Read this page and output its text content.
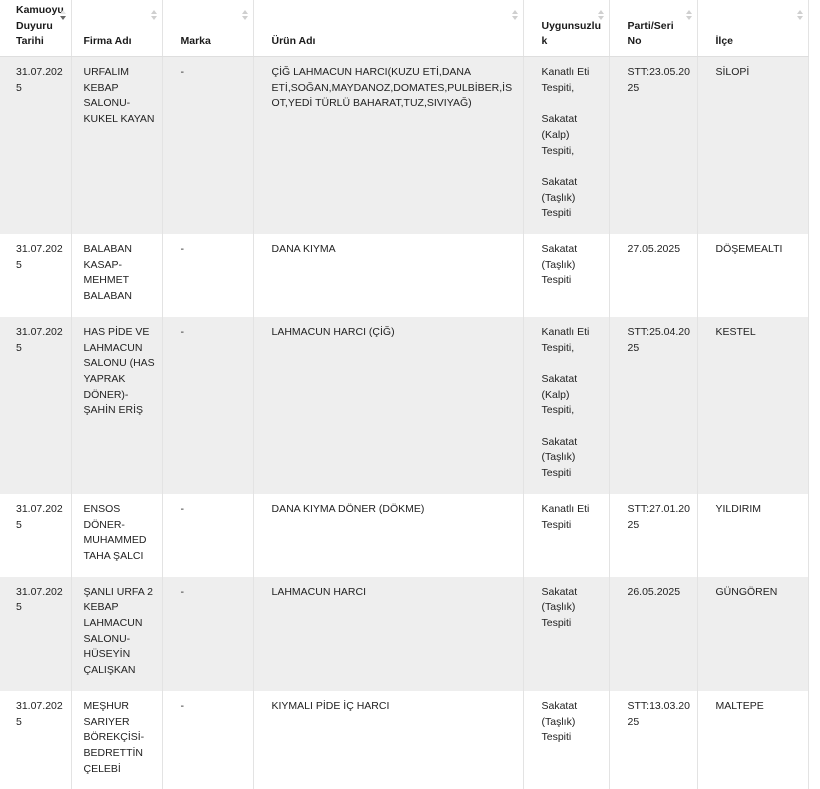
Kamuoyu
Duyuru
Tarihi	Firma Adı	Marka	Ürün Adı	Uygunsuzluk	Parti/Seri
No	İlçe

31.07.2025	URFALIM KEBAP SALONU-KUKEL KAYAN	-	ÇİĞ LAHMACUN HARCI(KUZU ETİ,DANA ETİ,SOĞAN,MAYDANOZ,DOMATES,PULBİBER,İSOT,YEDİ TÜRLÜ BAHARAT,TUZ,SIVIYAĞ)	Kanatlı Eti Tespiti,
Sakatat (Kalp) Tespiti,
Sakatat (Taşlık) Tespiti	STT:23.05.2025	SİLOPİ
31.07.2025	BALABAN KASAP-MEHMET BALABAN	-	DANA KIYMA	Sakatat (Taşlık) Tespiti	27.05.2025	DÖŞEMEALTI
31.07.2025	HAS PİDE VE LAHMACUN SALONU (HAS YAPRAK DÖNER)-ŞAHİN ERİŞ	-	LAHMACUN HARCI (ÇİĞ)	Kanatlı Eti Tespiti,
Sakatat (Kalp) Tespiti,
Sakatat (Taşlık) Tespiti	STT:25.04.2025	KESTEL
31.07.2025	ENSOS DÖNER-MUHAMMED TAHA ŞALCI	-	DANA KIYMA DÖNER (DÖKME)	Kanatlı Eti Tespiti	STT:27.01.2025	YILDIRIM
31.07.2025	ŞANLI URFA 2 KEBAP LAHMACUN SALONU-HÜSEYİN ÇALIŞKAN	-	LAHMACUN HARCI	Sakatat (Taşlık) Tespiti	26.05.2025	GÜNGÖREN
31.07.2025	MEŞHUR SARIYER BÖREKÇİSİ-BEDRETTİN ÇELEBİ	-	KIYMALI PİDE İÇ HARCI	Sakatat (Taşlık) Tespiti	STT:13.03.2025	MALTEPE
